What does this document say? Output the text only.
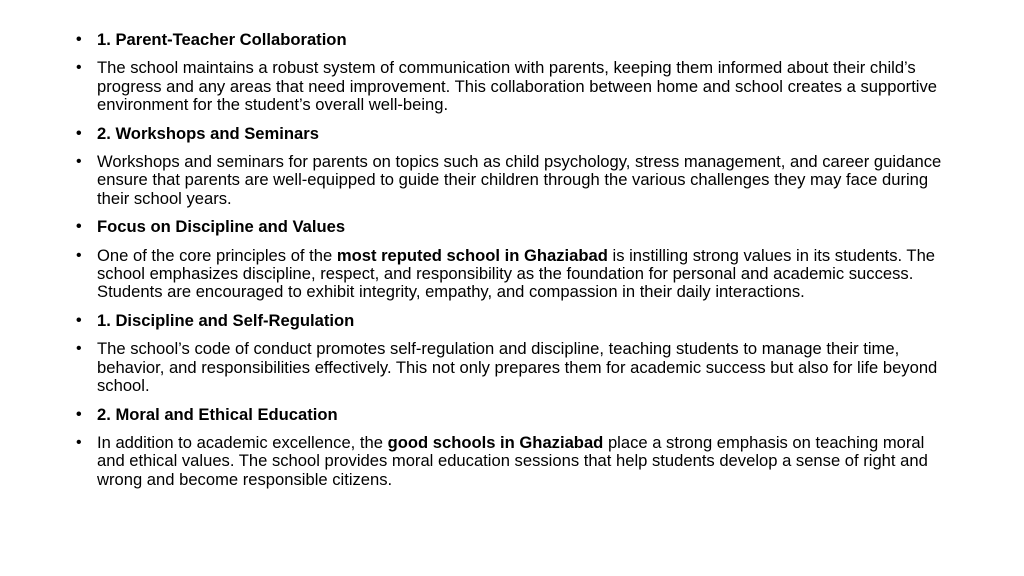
• 1. Parent-Teacher Collaboration
• The school maintains a robust system of communication with parents, keeping them informed about their child’s progress and any areas that need improvement. This collaboration between home and school creates a supportive environment for the student’s overall well-being.
• 2. Workshops and Seminars
• Workshops and seminars for parents on topics such as child psychology, stress management, and career guidance ensure that parents are well-equipped to guide their children through the various challenges they may face during their school years.
• Focus on Discipline and Values
• One of the core principles of the most reputed school in Ghaziabad is instilling strong values in its students. The school emphasizes discipline, respect, and responsibility as the foundation for personal and academic success. Students are encouraged to exhibit integrity, empathy, and compassion in their daily interactions.
• 1. Discipline and Self-Regulation
• The school’s code of conduct promotes self-regulation and discipline, teaching students to manage their time, behavior, and responsibilities effectively. This not only prepares them for academic success but also for life beyond school.
• 2. Moral and Ethical Education
• In addition to academic excellence, the good schools in Ghaziabad place a strong emphasis on teaching moral and ethical values. The school provides moral education sessions that help students develop a sense of right and wrong and become responsible citizens.
